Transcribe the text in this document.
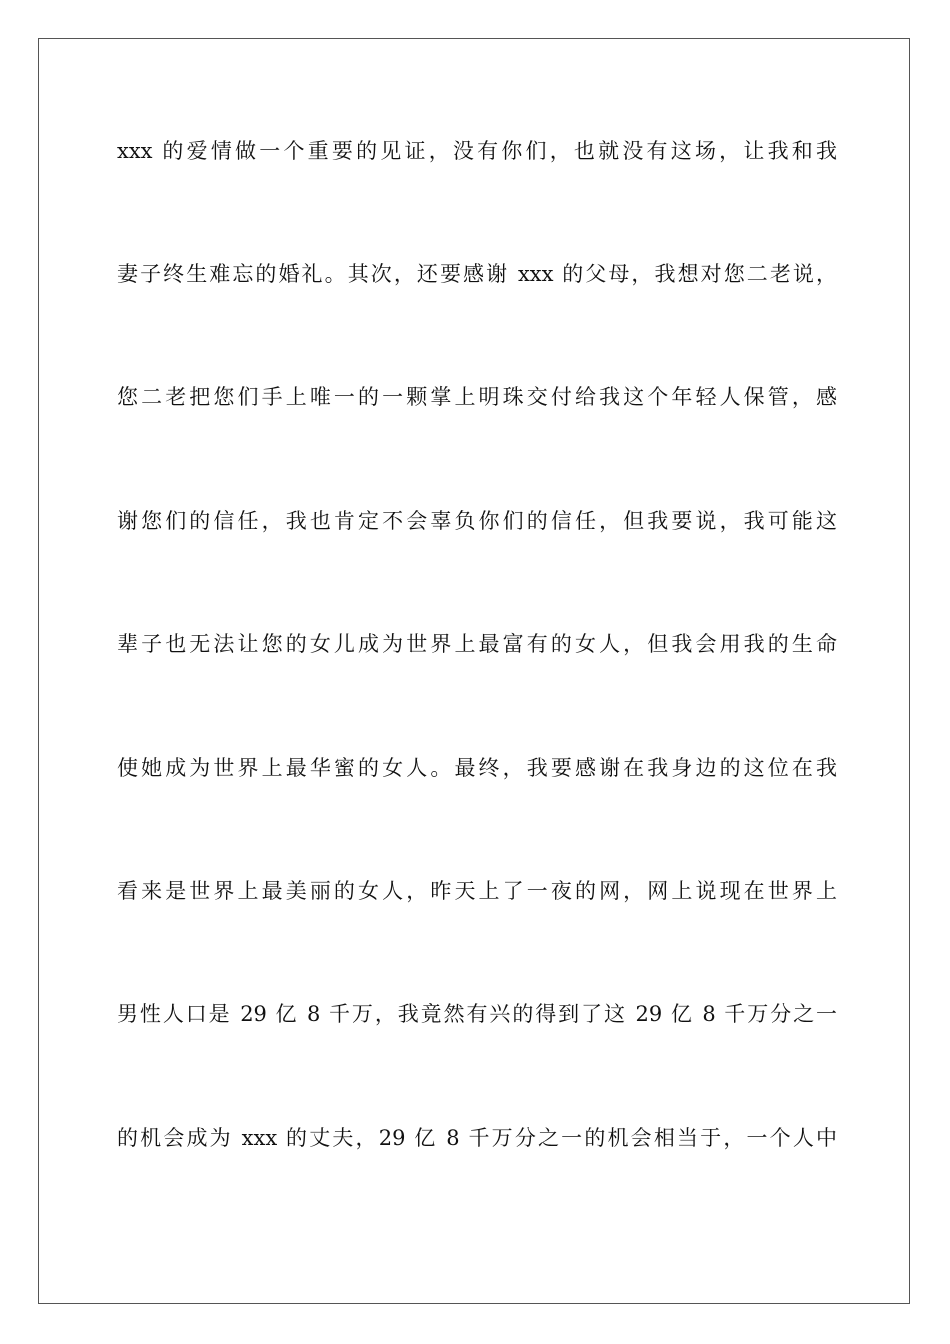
xxx 的爱情做一个重要的见证，没有你们，也就没有这场，让我和我
妻子终生难忘的婚礼。其次，还要感谢 xxx 的父母，我想对您二老说，
您二老把您们手上唯一的一颗掌上明珠交付给我这个年轻人保管，感
谢您们的信任，我也肯定不会辜负你们的信任，但我要说，我可能这
辈子也无法让您的女儿成为世界上最富有的女人，但我会用我的生命
使她成为世界上最华蜜的女人。最终，我要感谢在我身边的这位在我
看来是世界上最美丽的女人，昨天上了一夜的网，网上说现在世界上
男性人口是 29 亿 8 千万，我竟然有兴的得到了这 29 亿 8 千万分之一
的机会成为 xxx 的丈夫，29 亿 8 千万分之一的机会相当于，一个人中
